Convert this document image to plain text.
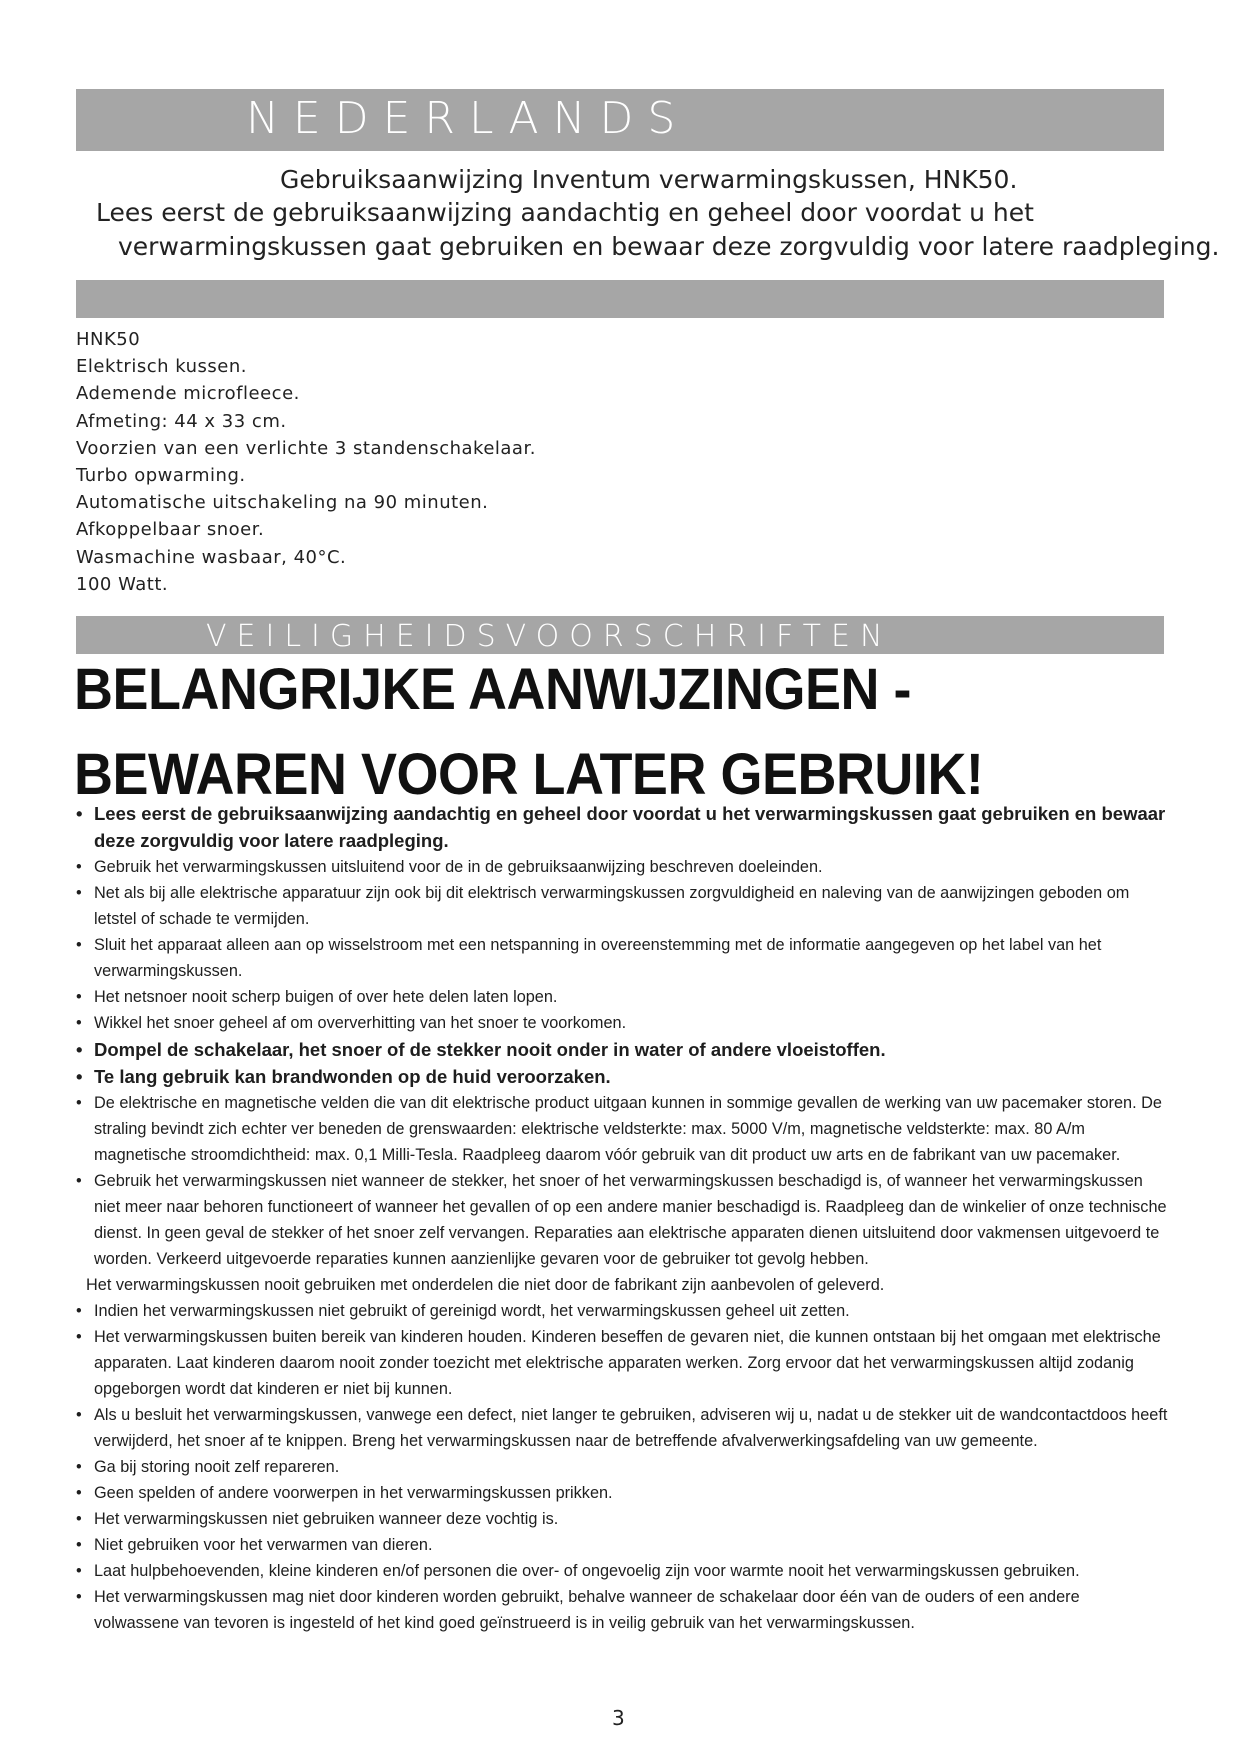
NEDERLANDS
Gebruiksaanwijzing Inventum verwarmingskussen, HNK50.
Lees eerst de gebruiksaanwijzing aandachtig en geheel door voordat u het
verwarmingskussen gaat gebruiken en bewaar deze zorgvuldig voor latere raadpleging.
HNK50
Elektrisch kussen.
Ademende microfleece.
Afmeting: 44 x 33 cm.
Voorzien van een verlichte 3 standenschakelaar.
Turbo opwarming.
Automatische uitschakeling na 90 minuten.
Afkoppelbaar snoer.
Wasmachine wasbaar, 40°C.
100 Watt.
VEILIGHEIDSVOORSCHRIFTEN
BELANGRIJKE AANWIJZINGEN -
BEWAREN VOOR LATER GEBRUIK!
• Lees eerst de gebruiksaanwijzing aandachtig en geheel door voordat u het verwarmingskussen gaat gebruiken en bewaar deze zorgvuldig voor latere raadpleging.
• Gebruik het verwarmingskussen uitsluitend voor de in de gebruiksaanwijzing beschreven doeleinden.
• Net als bij alle elektrische apparatuur zijn ook bij dit elektrisch verwarmingskussen zorgvuldigheid en naleving van de aanwijzingen geboden om letstel of schade te vermijden.
• Sluit het apparaat alleen aan op wisselstroom met een netspanning in overeenstemming met de informatie aangegeven op het label van het verwarmingskussen.
• Het netsnoer nooit scherp buigen of over hete delen laten lopen.
• Wikkel het snoer geheel af om oververhitting van het snoer te voorkomen.
• Dompel de schakelaar, het snoer of de stekker nooit onder in water of andere vloeistoffen.
• Te lang gebruik kan brandwonden op de huid veroorzaken.
• De elektrische en magnetische velden die van dit elektrische product uitgaan kunnen in sommige gevallen de werking van uw pacemaker storen. De straling bevindt zich echter ver beneden de grenswaarden: elektrische veldsterkte: max. 5000 V/m, magnetische veldsterkte: max. 80 A/m magnetische stroomdichtheid: max. 0,1 Milli-Tesla. Raadpleeg daarom vóór gebruik van dit product uw arts en de fabrikant van uw pacemaker.
• Gebruik het verwarmingskussen niet wanneer de stekker, het snoer of het verwarmingskussen beschadigd is, of wanneer het verwarmingskussen niet meer naar behoren functioneert of wanneer het gevallen of op een andere manier beschadigd is. Raadpleeg dan de winkelier of onze technische dienst. In geen geval de stekker of het snoer zelf vervangen. Reparaties aan elektrische apparaten dienen uitsluitend door vakmensen uitgevoerd te worden. Verkeerd uitgevoerde reparaties kunnen aanzienlijke gevaren voor de gebruiker tot gevolg hebben.
Het verwarmingskussen nooit gebruiken met onderdelen die niet door de fabrikant zijn aanbevolen of geleverd.
• Indien het verwarmingskussen niet gebruikt of gereinigd wordt, het verwarmingskussen geheel uit zetten.
• Het verwarmingskussen buiten bereik van kinderen houden. Kinderen beseffen de gevaren niet, die kunnen ontstaan bij het omgaan met elektrische apparaten. Laat kinderen daarom nooit zonder toezicht met elektrische apparaten werken. Zorg ervoor dat het verwarmingskussen altijd zodanig opgeborgen wordt dat kinderen er niet bij kunnen.
• Als u besluit het verwarmingskussen, vanwege een defect, niet langer te gebruiken, adviseren wij u, nadat u de stekker uit de wandcontactdoos heeft verwijderd, het snoer af te knippen. Breng het verwarmingskussen naar de betreffende afvalverwerkingsafdeling van uw gemeente.
• Ga bij storing nooit zelf repareren.
• Geen spelden of andere voorwerpen in het verwarmingskussen prikken.
• Het verwarmingskussen niet gebruiken wanneer deze vochtig is.
• Niet gebruiken voor het verwarmen van dieren.
• Laat hulpbehoevenden, kleine kinderen en/of personen die over- of ongevoelig zijn voor warmte nooit het verwarmingskussen gebruiken.
• Het verwarmingskussen mag niet door kinderen worden gebruikt, behalve wanneer de schakelaar door één van de ouders of een andere volwassene van tevoren is ingesteld of het kind goed geïnstrueerd is in veilig gebruik van het verwarmingskussen.
3
